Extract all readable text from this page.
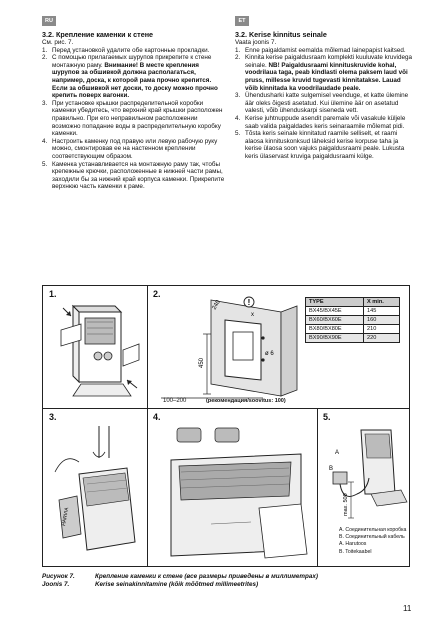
RU	ET
3.2. Крепление каменки к стене
См. рис. 7.
1. Перед установкой удалите обе картонные прокладки.
2. С помощью прилагаемых шурупов прикрепите к стене монтажную раму. Внимание! В месте крепления шурупов за обшивкой должна располагаться, например, доска, к которой рама прочно крепится. Если за обшивкой нет доски, то доску можно прочно крепить поверх вагонки.
3. При установке крышки распределительной коробки каменки убедитесь, что верхний край крышки расположен правильно. При его неправильном расположении возможно попадание воды в распределительную коробку каменки.
4. Настроить каменку под правую или левую рабочую руку можно, смонтировав ее на настенном креплении соответствующим образом.
5. Каменка устанавливается на монтажную раму так, чтобы крепежные крючки, расположенные в нижней части рамы, заходили бы за нижний край корпуса каменки. Прикрепите верхнюю часть каменки к раме.
3.2. Kerise kinnitus seinale
Vaata joonis 7.
1. Enne paigaldamist eemalda mõlemad lainepapist kaitsed.
2. Kinnita kerise paigaldusraam komplekti kuuluvate kruvidega seinale. NB! Paigaldusraami kinnituskruvide kohal, voodrilaua taga, peab kindlasti olema paksem laud või pruss, millesse kruvid tugevasti kinnitatakse. Lauad võib kinnitada ka voodrilaudade peale.
3. Ühendusharki katte sulgemisel veenduge, et katte ülemine äär oleks õigesti asetatud. Kui ülemine äär on asetatud valesti, võib ühenduskarpi siseneda vett.
4. Kerise juhtnuppude asendit paremale või vasakule küljele saab valida paigaldades keris seinaraamile mõlemat pidi.
5. Tõsta keris seinale kinnitatud raamile selliselt, et raami alaosa kinnituskonksud läheksid kerise korpuse taha ja kerise ülaosa soon vajuks paigaldusraami peale. Lukusta keris ülaservast kruviga paigaldusraami külge.
1.	2.
3.	4.	5.
450
240
ø 6
x
!
100–200	(рекомендация/soovitus: 100)
TYPE	X min.
BX45/BX45E	145
BX60/BX60E	160
BX80/BX80E	210
BX90/BX90E	220
HARVIA
A
B
max. 500
A. Соединительная коробка
B. Соединительный кабель
A. Harutoos
B. Toitekaabel
Рисунок 7.	Крепление каменки к стене (все размеры приведены в миллиметрах)
Joonis 7.	Kerise seinakinnitamine (kõik mõõtmed millimeetrites)
11
